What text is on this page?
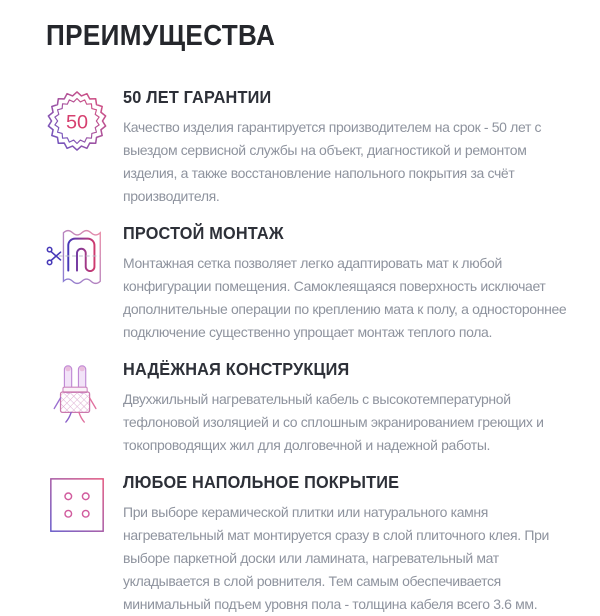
ПРЕИМУЩЕСТВА
50
50 ЛЕТ ГАРАНТИИ

Качество изделия гарантируется производителем на срок - 50 лет с выездом сервисной службы на объект, диагностикой и ремонтом изделия, а также восстановление напольного покрытия за счёт производителя.

ПРОСТОЙ МОНТАЖ

Монтажная сетка позволяет легко адаптировать мат к любой конфигурации помещения. Самоклеящаяся поверхность исключает дополнительные операции по креплению мата к полу, а одностороннее подключение существенно упрощает монтаж теплого пола.

НАДЁЖНАЯ КОНСТРУКЦИЯ

Двухжильный нагревательный кабель с высокотемпературной тефлоновой изоляцией и со сплошным экранированием греющих и токопроводящих жил для долговечной и надежной работы.

ЛЮБОЕ НАПОЛЬНОЕ ПОКРЫТИЕ

При выборе керамической плитки или натурального камня нагревательный мат монтируется сразу в слой плиточного клея. При выборе паркетной доски или ламината, нагревательный мат укладывается в слой ровнителя. Тем самым обеспечивается минимальный подъем уровня пола - толщина кабеля всего 3.6 мм.
